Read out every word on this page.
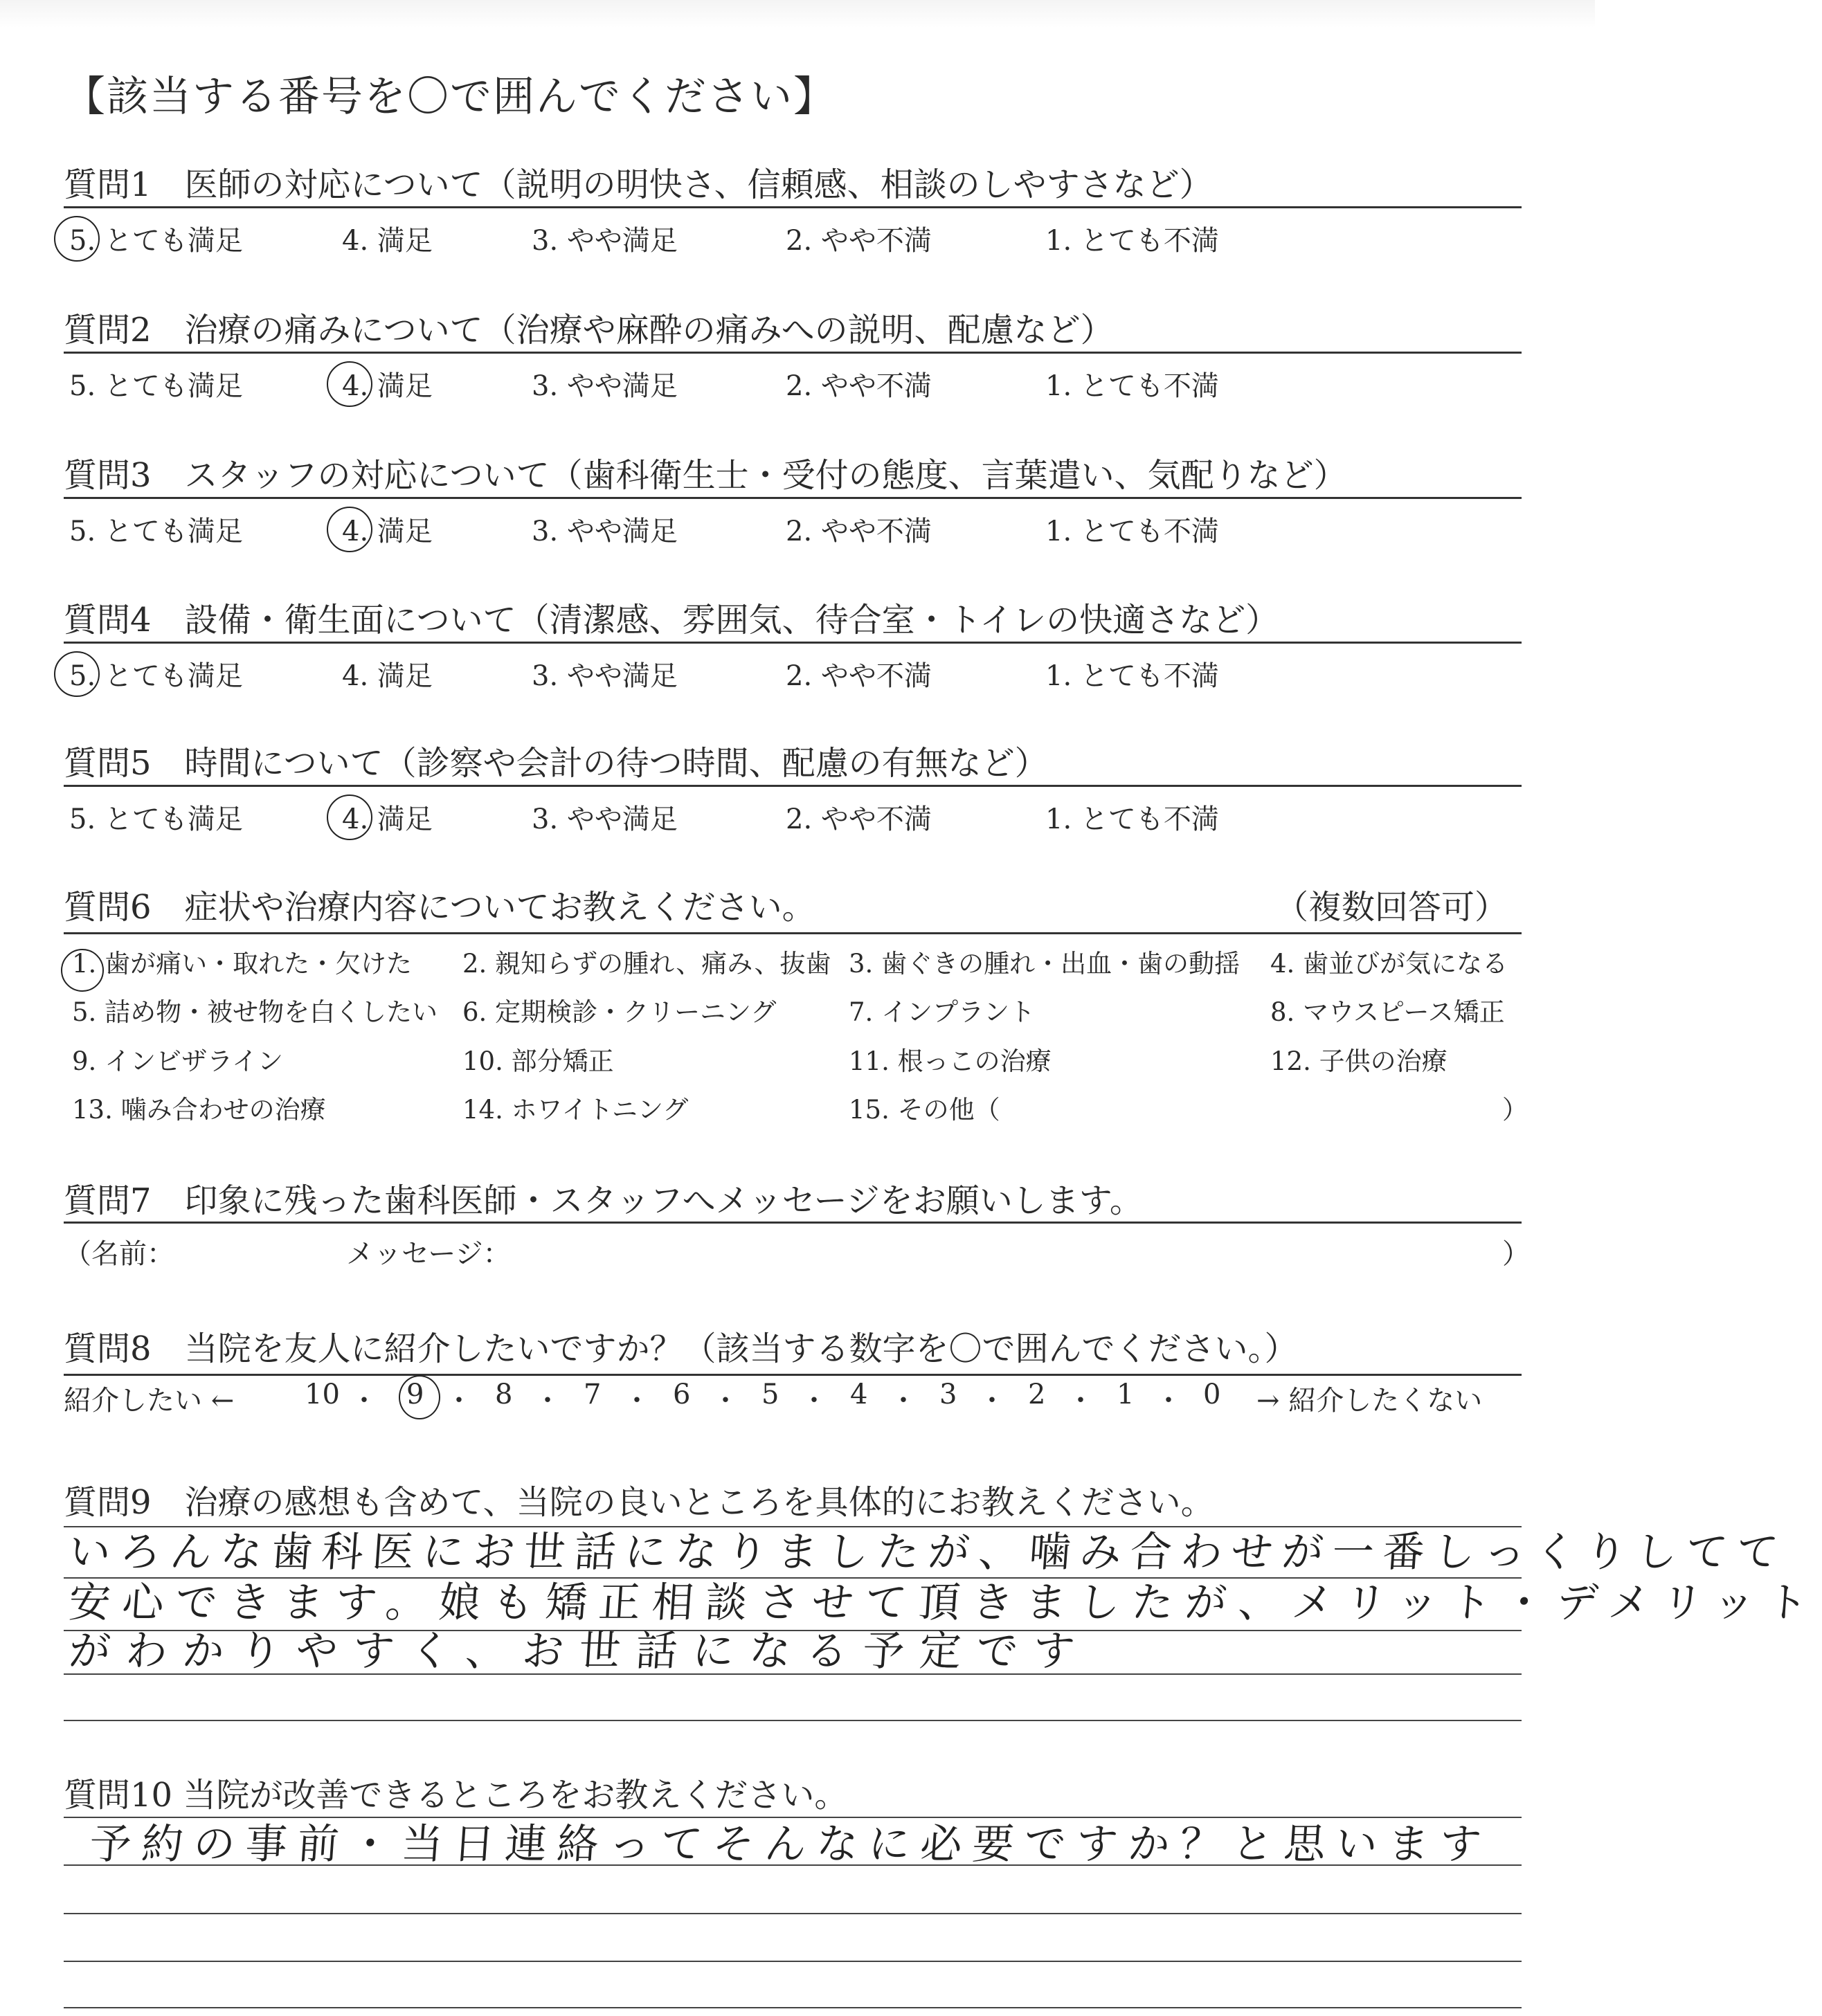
【該当する番号を〇で囲んでください】
質問1　医師の対応について（説明の明快さ、信頼感、相談のしやすさなど）
5. とても満足	4. 満足	3. やや満足	2. やや不満	1. とても不満
質問2　治療の痛みについて（治療や麻酔の痛みへの説明、配慮など）
5. とても満足	4. 満足	3. やや満足	2. やや不満	1. とても不満
質問3　スタッフの対応について（歯科衛生士・受付の態度、言葉遣い、気配りなど）
5. とても満足	4. 満足	3. やや満足	2. やや不満	1. とても不満
質問4　設備・衛生面について（清潔感、雰囲気、待合室・トイレの快適さなど）
5. とても満足	4. 満足	3. やや満足	2. やや不満	1. とても不満
質問5　時間について（診察や会計の待つ時間、配慮の有無など）
5. とても満足	4. 満足	3. やや満足	2. やや不満	1. とても不満
質問6　症状や治療内容についてお教えください。	（複数回答可）
1. 歯が痛い・取れた・欠けた 2. 親知らずの腫れ、痛み、抜歯 3. 歯ぐきの腫れ・出血・歯の動揺 4. 歯並びが気になる
5. 詰め物・被せ物を白くしたい 6. 定期検診・クリーニング	7. インプラント	8. マウスピース矯正
9. インビザライン	10. 部分矯正	11. 根っこの治療	12. 子供の治療
13. 噛み合わせの治療	14. ホワイトニング	15. その他（	）
質問7　印象に残った歯科医師・スタッフへメッセージをお願いします。
（名前：	メッセージ：	）
質問8　当院を友人に紹介したいですか？（該当する数字を〇で囲んでください。）
紹介したい ←	→ 紹介したくない
10 ・ 9 ・ 8 ・ 7 ・ 6 ・ 5 ・ 4 ・ 3 ・ 2 ・ 1 ・ 0
質問9　治療の感想も含めて、当院の良いところを具体的にお教えください。
いろんな歯科医にお世話になりましたが、噛み合わせが一番しっくりしてて
安心できます。娘も矯正相談させて頂きましたが、メリット・デメリット
がわかりやすく、お世話になる予定です
質問10 当院が改善できるところをお教えください。
予約の事前・当日連絡ってそんなに必要ですか？と思います
